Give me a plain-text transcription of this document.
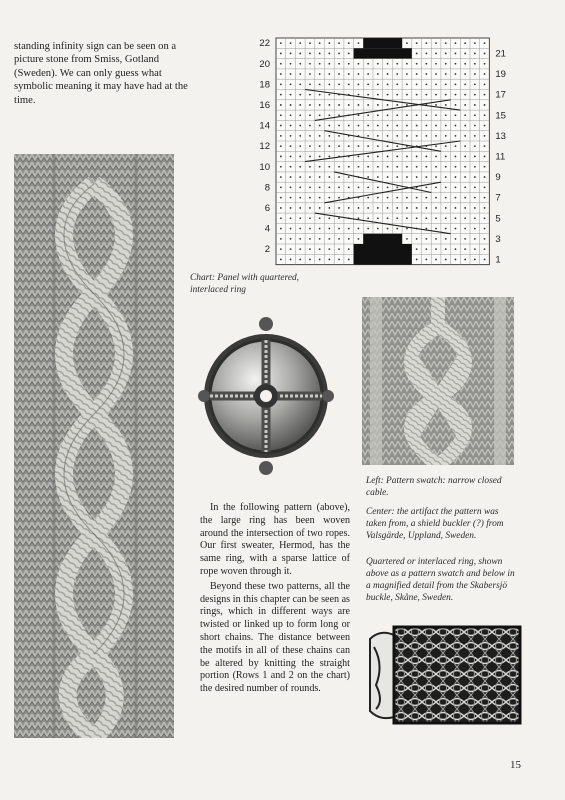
standing infinity sign can be seen on a picture stone from Smiss, Gotland (Sweden). We can only guess what symbolic meaning it may have had at the time.
22
20
18
16
14
12
10
8
6
4
2
21
19
17
15
13
11
9
7
5
3
1
Chart: Panel with quartered, interlaced ring
Left: Pattern swatch: narrow closed cable.
Center: the artifact the pattern was taken from, a shield buckler (?) from Valsgärde, Uppland, Sweden.
Quartered or interlaced ring, shown above as a pattern swatch and below in a magnified detail from the Skabersjö buckle, Skåne, Sweden.

In the following pattern (above), the large ring has been woven around the intersection of two ropes. Our first sweater, Hermod, has the same ring, with a sparse lattice of rope woven through it.

Beyond these two patterns, all the designs in this chapter can be seen as rings, which in different ways are twisted or linked up to form long or short chains. The distance between the motifs in all of these chains can be altered by knitting the straight portion (Rows 1 and 2 on the chart) the desired number of rounds.

15
